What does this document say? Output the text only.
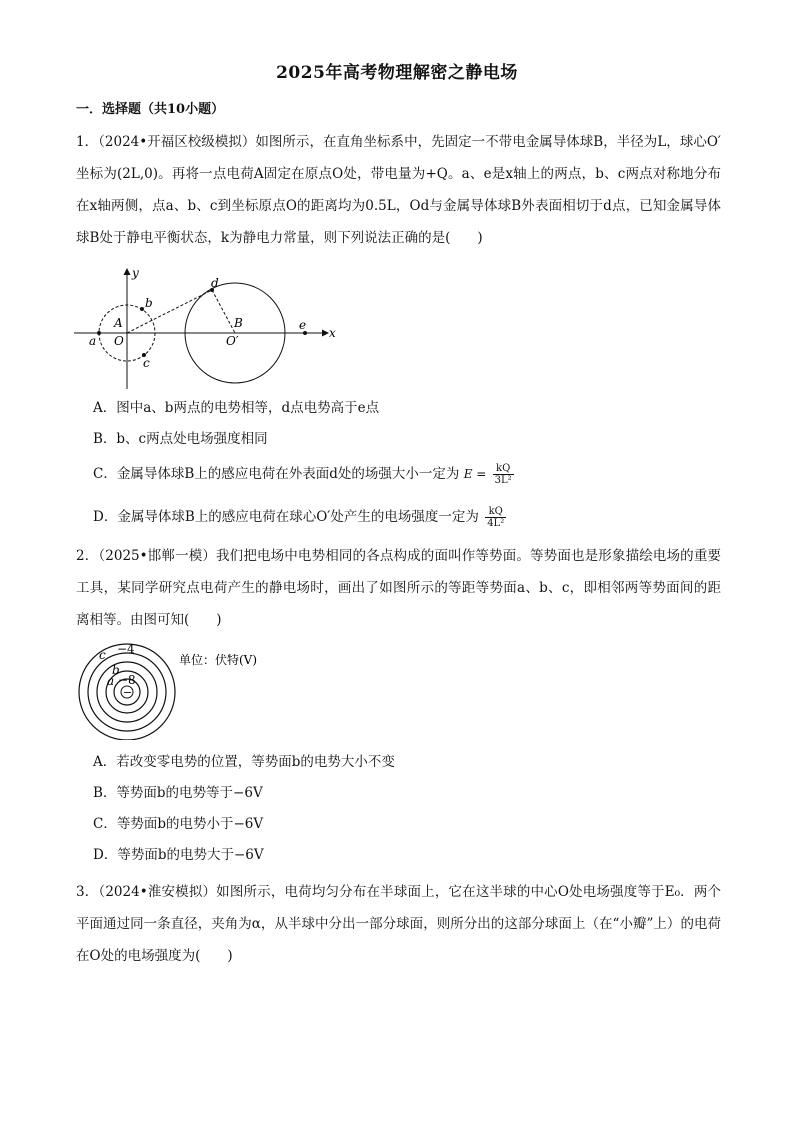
2025年高考物理解密之静电场
一．选择题（共10小题）
1．（2024•开福区校级模拟）如图所示，在直角坐标系中，先固定一不带电金属导体球B，半径为L，球心O′坐标为(2L,0)。再将一点电荷A固定在原点O处，带电量为+Q。a、e是x轴上的两点，b、c两点对称地分布在x轴两侧，点a、b、c到坐标原点O的距离均为0.5L，Od与金属导体球B外表面相切于d点，已知金属导体球B处于静电平衡状态，k为静电力常量，则下列说法正确的是(　　)
y
x
b
A
O
a
c
d
B
O′
e
A．图中a、b两点的电势相等，d点电势高于e点
B．b、c两点处电场强度相同
C．金属导体球B上的感应电荷在外表面d处的场强大小一定为 $E = \frac{kQ}{\text{3L²}}$
D．金属导体球B上的感应电荷在球心O′处产生的电场强度一定为 $\frac{kQ}{\text{4L²}}$
2．（2025•邯郸一模）我们把电场中电势相同的各点构成的面叫作等势面。等势面也是形象描绘电场的重要工具，某同学研究点电荷产生的静电场时，画出了如图所示的等距等势面a、b、c，即相邻两等势面间的距离相等。由图可知(　　)
−
c −4
b
a −8
单位：伏特(V)
A．若改变零电势的位置，等势面b的电势大小不变
B．等势面b的电势等于−6V
C．等势面b的电势小于−6V
D．等势面b的电势大于−6V
3．（2024•淮安模拟）如图所示，电荷均匀分布在半球面上，它在这半球的中心O处电场强度等于E₀．两个平面通过同一条直径，夹角为α，从半球中分出一部分球面，则所分出的这部分球面上（在“小瓣”上）的电荷在O处的电场强度为(　　)
